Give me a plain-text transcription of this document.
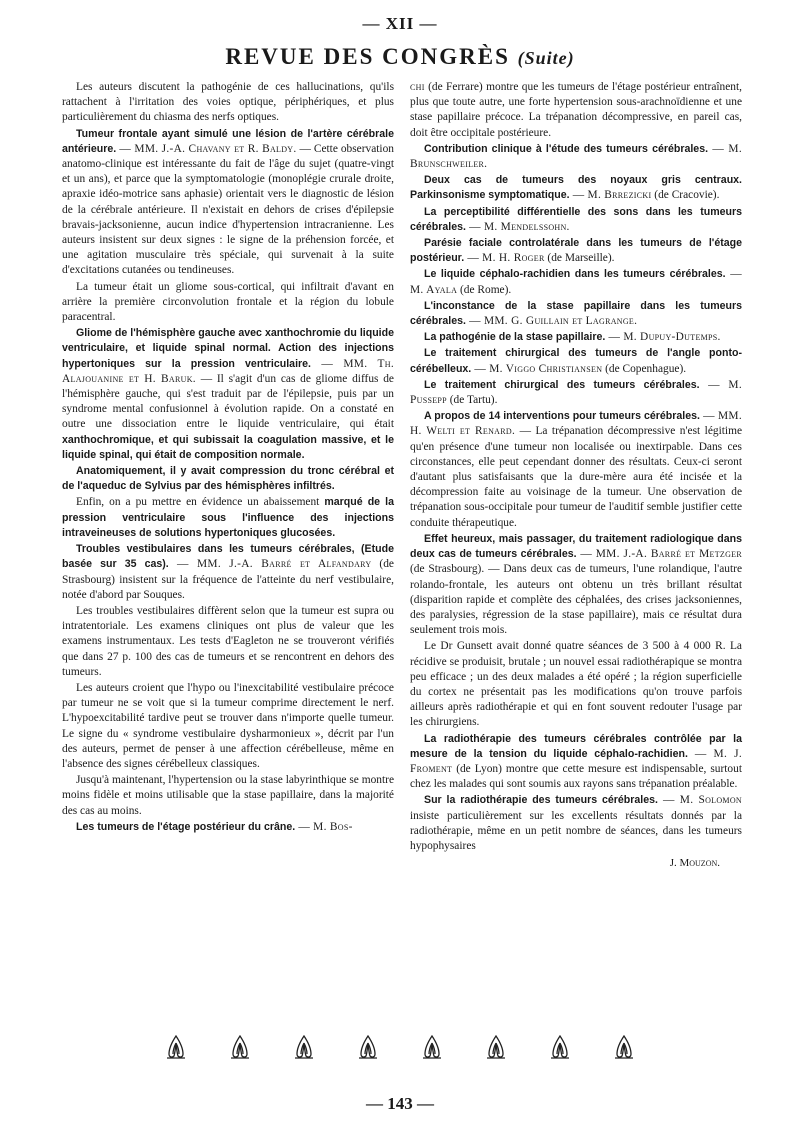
— XII —
REVUE DES CONGRÈS (Suite)

Les auteurs discutent la pathogénie de ces hallucinations, qu'ils rattachent à l'irritation des voies optique, périphériques, et plus particulièrement du chiasma des nerfs optiques.

Tumeur frontale ayant simulé une lésion de l'artère cérébrale antérieure. — MM. J.-A. Chavany et R. Baldy. — Cette observation anatomo-clinique est intéressante du fait de l'âge du sujet (quatre-vingt et un ans), et parce que la symptomatologie (monoplégie crurale droite, apraxie idéo-motrice sans aphasie) orientait vers le diagnostic de lésion de la cérébrale antérieure. Il n'existait en dehors de crises d'épilepsie bravais-jacksonienne, aucun indice d'hypertension intracranienne. Les auteurs insistent sur deux signes : le signe de la préhension forcée, et une agitation musculaire très spéciale, qui survenait à la suite d'excitations cutanées ou tendineuses.

La tumeur était un gliome sous-cortical, qui infiltrait d'avant en arrière la première circonvolution frontale et la région du lobule paracentral.

Gliome de l'hémisphère gauche avec xanthochromie du liquide ventriculaire, et liquide spinal normal. Action des injections hypertoniques sur la pression ventriculaire. — MM. Th. Alajouanine et H. Baruk. — Il s'agit d'un cas de gliome diffus de l'hémisphère gauche, qui s'est traduit par de l'épilepsie, puis par un syndrome mental confusionnel à évolution rapide. On a constaté en outre une dissociation entre le liquide ventriculaire, qui était xanthochromique, et qui subissait la coagulation massive, et le liquide spinal, qui était de composition normale.

Anatomiquement, il y avait compression du tronc cérébral et de l'aqueduc de Sylvius par des hémisphères infiltrés.

Enfin, on a pu mettre en évidence un abaissement marqué de la pression ventriculaire sous l'influence des injections intraveineuses de solutions hypertoniques glucosées.

Troubles vestibulaires dans les tumeurs cérébrales, (Etude basée sur 35 cas). — MM. J.-A. Barré et Alfandary (de Strasbourg) insistent sur la fréquence de l'atteinte du nerf vestibulaire, notée d'abord par Souques.

Les troubles vestibulaires diffèrent selon que la tumeur est supra ou intratentoriale. Les examens cliniques ont plus de valeur que les examens instrumentaux. Les tests d'Eagleton ne se trouveront vérifiés que dans 27 p. 100 des cas de tumeurs et se rencontrent en dehors des tumeurs.

Les auteurs croient que l'hypo ou l'inexcitabilité vestibulaire précoce par tumeur ne se voit que si la tumeur comprime directement le nerf. L'hypoexcitabilité tardive peut se trouver dans n'importe quelle tumeur. Le signe du « syndrome vestibulaire dysharmonieux », décrit par l'un des auteurs, permet de penser à une affection cérébelleuse, même en l'absence des signes cérébelleux classiques.

Jusqu'à maintenant, l'hypertension ou la stase labyrinthique se montre moins fidèle et moins utilisable que la stase papillaire, dans la majorité des cas au moins.

Les tumeurs de l'étage postérieur du crâne. — M. Bos-

chi (de Ferrare) montre que les tumeurs de l'étage postérieur entraînent, plus que toute autre, une forte hypertension sous-arachnoïdienne et une stase papillaire précoce. La trépanation décompressive, en pareil cas, doit être occipitale postérieure.

Contribution clinique à l'étude des tumeurs cérébrales. — M. Brunschweiler.

Deux cas de tumeurs des noyaux gris centraux. Parkinsonisme symptomatique. — M. Brrezicki (de Cracovie).

La perceptibilité différentielle des sons dans les tumeurs cérébrales. — M. Mendelssohn.

Parésie faciale controlatérale dans les tumeurs de l'étage postérieur. — M. H. Roger (de Marseille).

Le liquide céphalo-rachidien dans les tumeurs cérébrales. — M. Ayala (de Rome).

L'inconstance de la stase papillaire dans les tumeurs cérébrales. — MM. G. Guillain et Lagrange.

La pathogénie de la stase papillaire. — M. Dupuy-Dutemps.

Le traitement chirurgical des tumeurs de l'angle ponto-cérébelleux. — M. Viggo Christiansen (de Copenhague).

Le traitement chirurgical des tumeurs cérébrales. — M. Pussepp (de Tartu).

A propos de 14 interventions pour tumeurs cérébrales. — MM. H. Welti et Renard. — La trépanation décompressive n'est légitime qu'en présence d'une tumeur non localisée ou inextirpable. Dans ces circonstances, elle peut cependant donner des résultats. Ceux-ci seront d'autant plus satisfaisants que la dure-mère aura été incisée et la décompression faite au voisinage de la tumeur. Une observation de trépanation sous-occipitale pour tumeur de l'auditif semble justifier cette conduite thérapeutique.

Effet heureux, mais passager, du traitement radiologique dans deux cas de tumeurs cérébrales. — MM. J.-A. Barré et Metzger (de Strasbourg). — Dans deux cas de tumeurs, l'une rolandique, l'autre rolando-frontale, les auteurs ont obtenu un très brillant résultat (disparition rapide et complète des céphalées, des crises jacksoniennes, des paralysies, régression de la stase papillaire), mais ce résultat dura seulement trois mois.

Le Dr Gunsett avait donné quatre séances de 3 500 à 4 000 R. La récidive se produisit, brutale ; un nouvel essai radiothérapique se montra peu efficace ; un des deux malades a été opéré ; la région superficielle du cortex ne présentait pas les modifications qu'on trouve parfois ailleurs après radiothérapie et qui en font souvent redouter l'usage par les chirurgiens.

La radiothérapie des tumeurs cérébrales contrôlée par la mesure de la tension du liquide céphalo-rachidien. — M. J. Froment (de Lyon) montre que cette mesure est indispensable, surtout chez les malades qui sont soumis aux rayons sans trépanation préalable.

Sur la radiothérapie des tumeurs cérébrales. — M. Solomon insiste particulièrement sur les excellents résultats donnés par la radiothérapie, même en un petit nombre de séances, dans les tumeurs hypophysaires

J. Mouzon.
— 143 —
